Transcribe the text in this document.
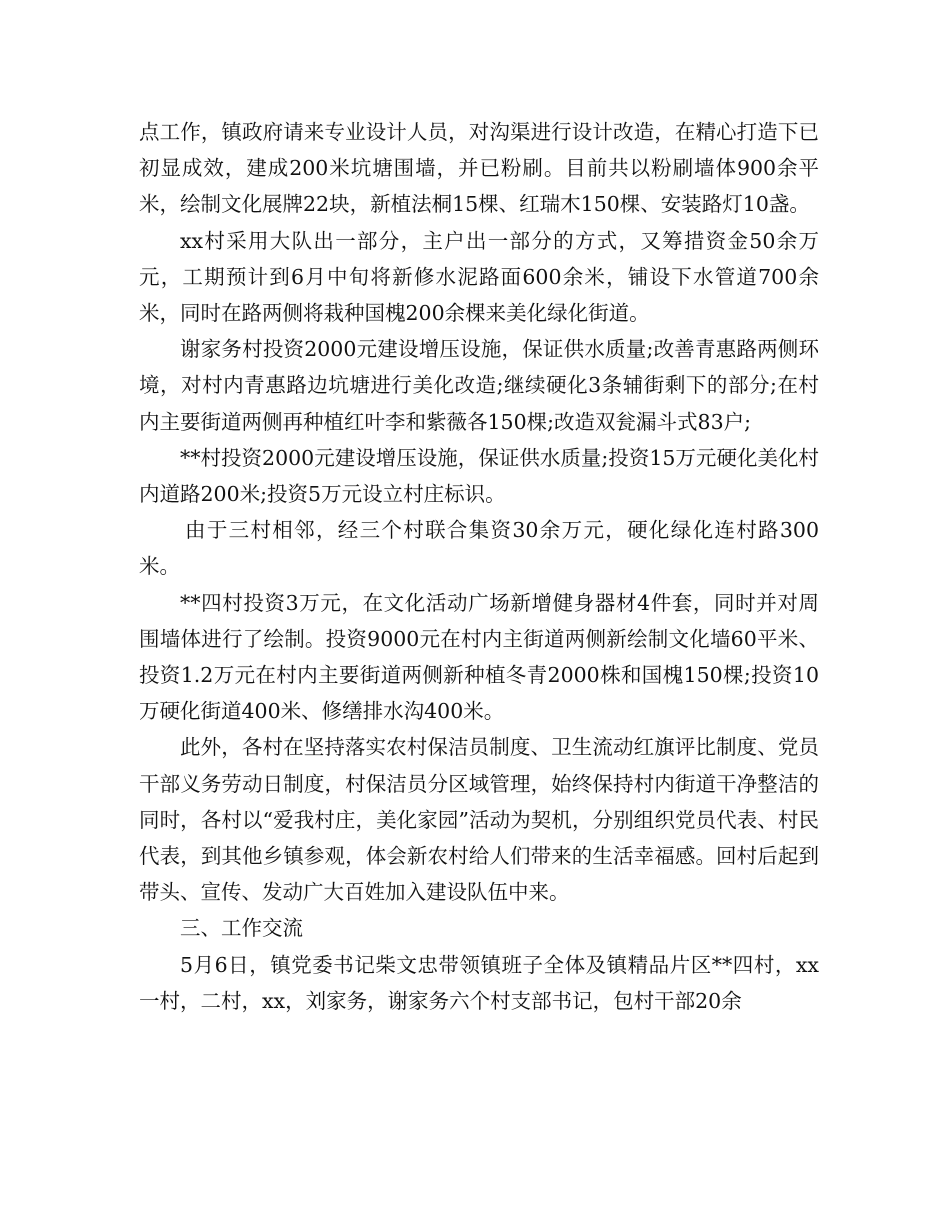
点工作，镇政府请来专业设计人员，对沟渠进行设计改造，在精心打造下已初显成效，建成200米坑塘围墙，并已粉刷。目前共以粉刷墙体900余平米，绘制文化展牌22块，新植法桐15棵、红瑞木150棵、安装路灯10盏。

xx村采用大队出一部分，主户出一部分的方式，又筹措资金50余万元，工期预计到6月中旬将新修水泥路面600余米，铺设下水管道700余米，同时在路两侧将栽种国槐200余棵来美化绿化街道。

谢家务村投资2000元建设增压设施，保证供水质量;改善青惠路两侧环境，对村内青惠路边坑塘进行美化改造;继续硬化3条辅街剩下的部分;在村内主要街道两侧再种植红叶李和紫薇各150棵;改造双瓮漏斗式83户;

**村投资2000元建设增压设施，保证供水质量;投资15万元硬化美化村内道路200米;投资5万元设立村庄标识。

由于三村相邻，经三个村联合集资30余万元，硬化绿化连村路300米。

**四村投资3万元，在文化活动广场新增健身器材4件套，同时并对周围墙体进行了绘制。投资9000元在村内主街道两侧新绘制文化墙60平米、投资1.2万元在村内主要街道两侧新种植冬青2000株和国槐150棵;投资10万硬化街道400米、修缮排水沟400米。

此外，各村在坚持落实农村保洁员制度、卫生流动红旗评比制度、党员干部义务劳动日制度，村保洁员分区域管理，始终保持村内街道干净整洁的同时，各村以“爱我村庄，美化家园”活动为契机，分别组织党员代表、村民代表，到其他乡镇参观，体会新农村给人们带来的生活幸福感。回村后起到带头、宣传、发动广大百姓加入建设队伍中来。

三、工作交流

5月6日，镇党委书记柴文忠带领镇班子全体及镇精品片区**四村，xx一村，二村，xx，刘家务，谢家务六个村支部书记，包村干部20余
